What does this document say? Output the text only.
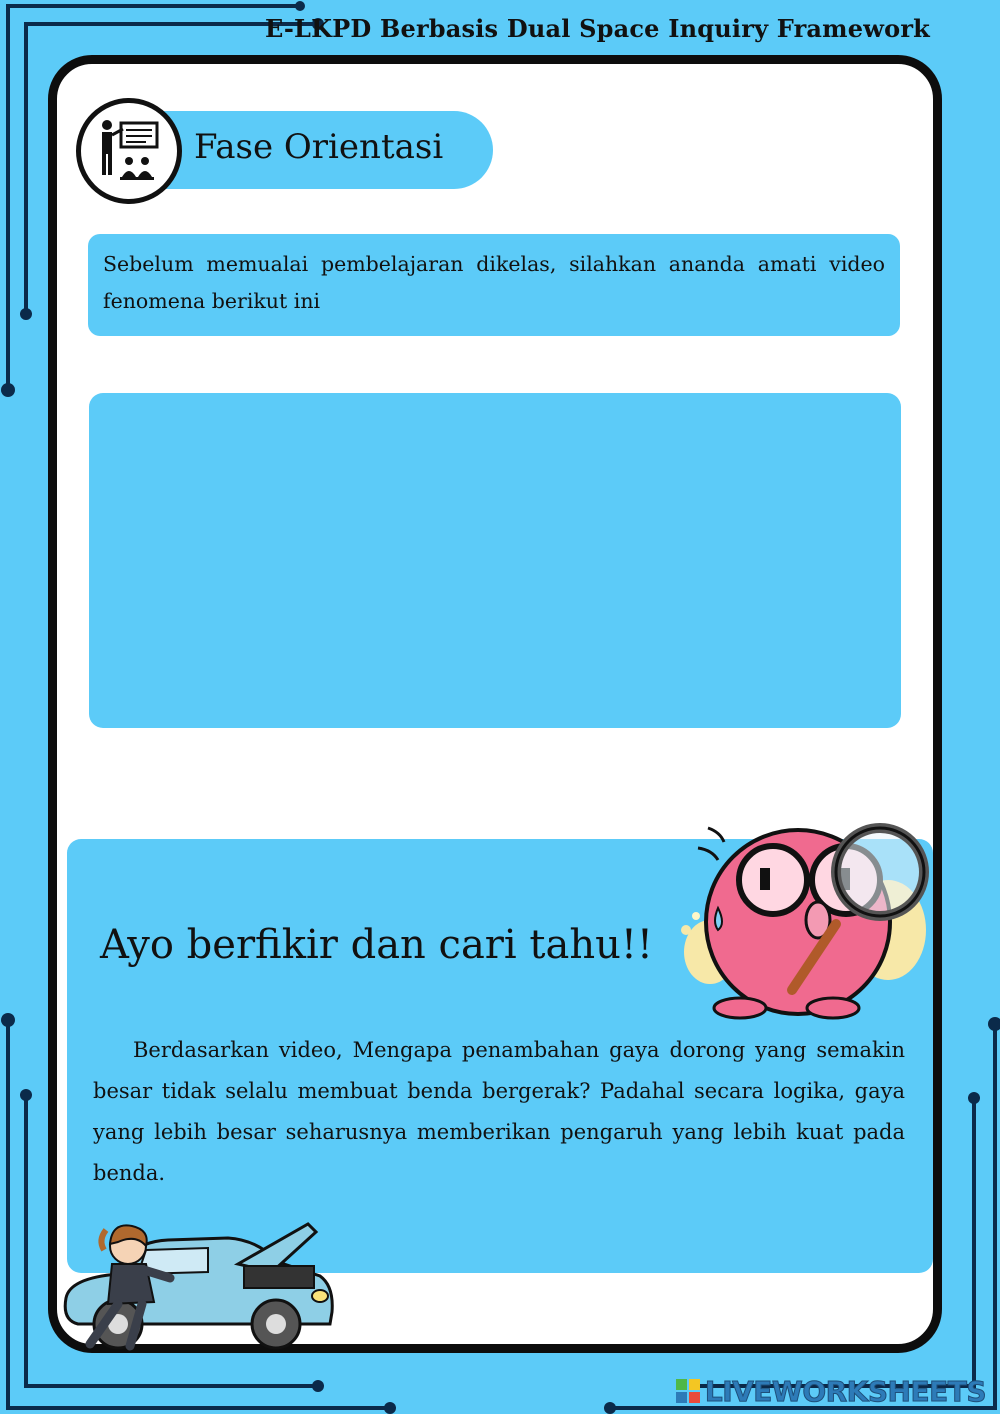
E-LKPD Berbasis Dual Space Inquiry Framework
Fase Orientasi

Sebelum memualai pembelajaran dikelas, silahkan ananda amati video fenomena berikut ini

Ayo berfikir dan cari tahu!!

Berdasarkan video, Mengapa penambahan gaya dorong yang semakin besar tidak selalu membuat benda bergerak? Padahal secara logika, gaya yang lebih besar seharusnya memberikan pengaruh yang lebih kuat pada benda.

LIVEWORKSHEETS
